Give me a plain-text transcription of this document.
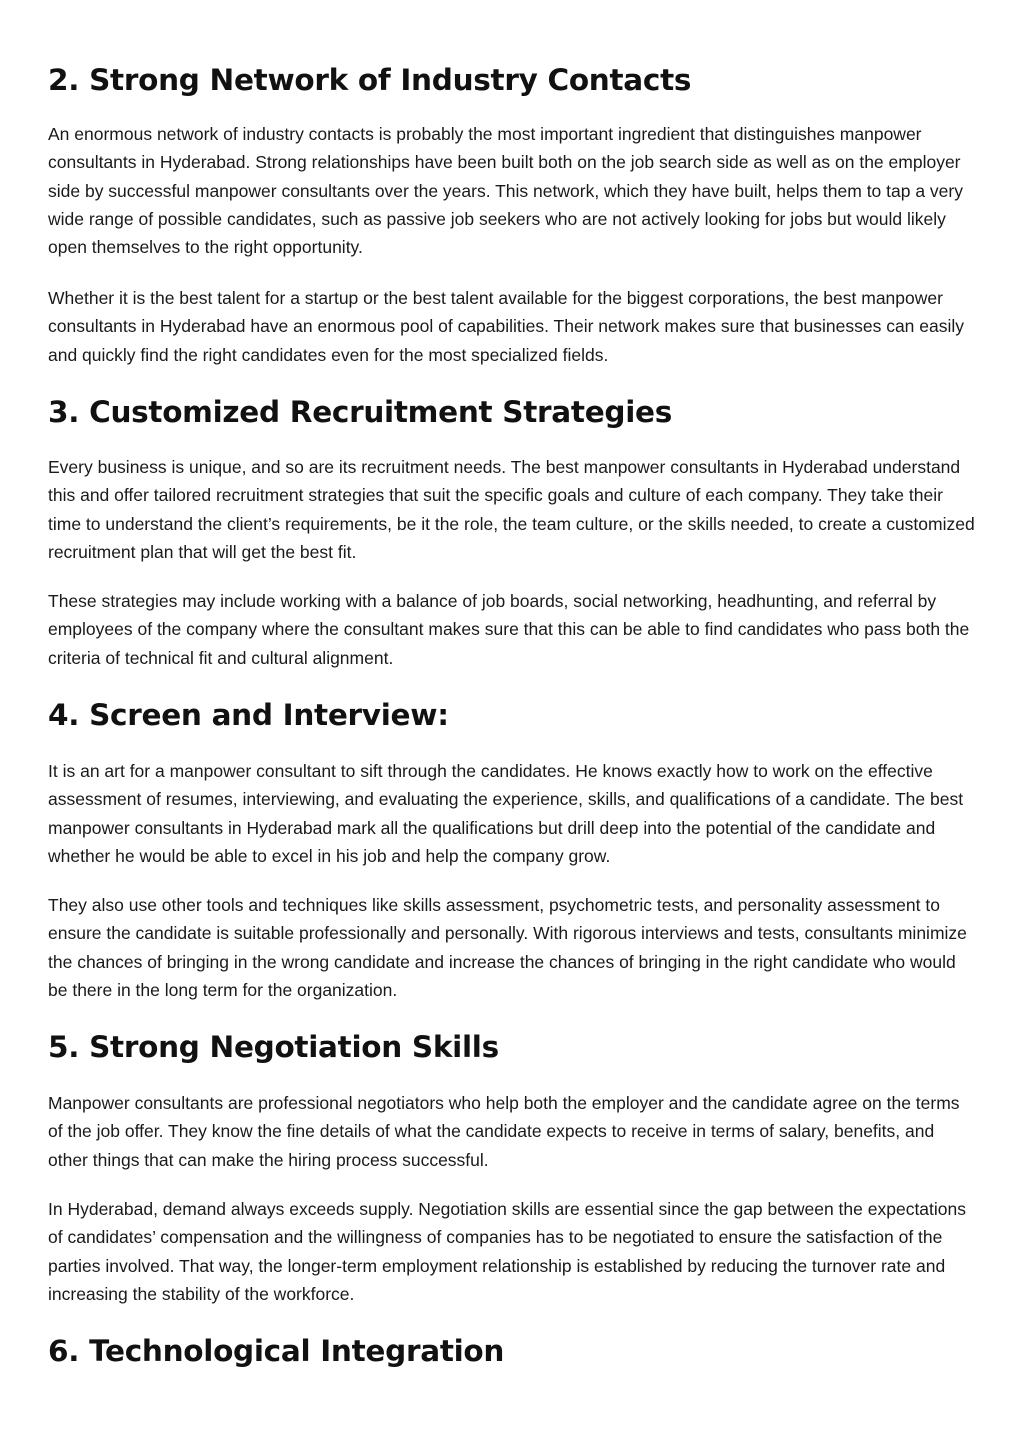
2. Strong Network of Industry Contacts

An enormous network of industry contacts is probably the most important ingredient that distinguishes manpower consultants in Hyderabad. Strong relationships have been built both on the job search side as well as on the employer side by successful manpower consultants over the years. This network, which they have built, helps them to tap a very wide range of possible candidates, such as passive job seekers who are not actively looking for jobs but would likely open themselves to the right opportunity.

Whether it is the best talent for a startup or the best talent available for the biggest corporations, the best manpower consultants in Hyderabad have an enormous pool of capabilities. Their network makes sure that businesses can easily and quickly find the right candidates even for the most specialized fields.

3. Customized Recruitment Strategies

Every business is unique, and so are its recruitment needs. The best manpower consultants in Hyderabad understand this and offer tailored recruitment strategies that suit the specific goals and culture of each company. They take their time to understand the client’s requirements, be it the role, the team culture, or the skills needed, to create a customized recruitment plan that will get the best fit.

These strategies may include working with a balance of job boards, social networking, headhunting, and referral by employees of the company where the consultant makes sure that this can be able to find candidates who pass both the criteria of technical fit and cultural alignment.

4. Screen and Interview:

It is an art for a manpower consultant to sift through the candidates. He knows exactly how to work on the effective assessment of resumes, interviewing, and evaluating the experience, skills, and qualifications of a candidate. The best manpower consultants in Hyderabad mark all the qualifications but drill deep into the potential of the candidate and whether he would be able to excel in his job and help the company grow.

They also use other tools and techniques like skills assessment, psychometric tests, and personality assessment to ensure the candidate is suitable professionally and personally. With rigorous interviews and tests, consultants minimize the chances of bringing in the wrong candidate and increase the chances of bringing in the right candidate who would be there in the long term for the organization.

5. Strong Negotiation Skills

Manpower consultants are professional negotiators who help both the employer and the candidate agree on the terms of the job offer. They know the fine details of what the candidate expects to receive in terms of salary, benefits, and other things that can make the hiring process successful.

In Hyderabad, demand always exceeds supply. Negotiation skills are essential since the gap between the expectations of candidates’ compensation and the willingness of companies has to be negotiated to ensure the satisfaction of the parties involved. That way, the longer-term employment relationship is established by reducing the turnover rate and increasing the stability of the workforce.

6. Technological Integration
